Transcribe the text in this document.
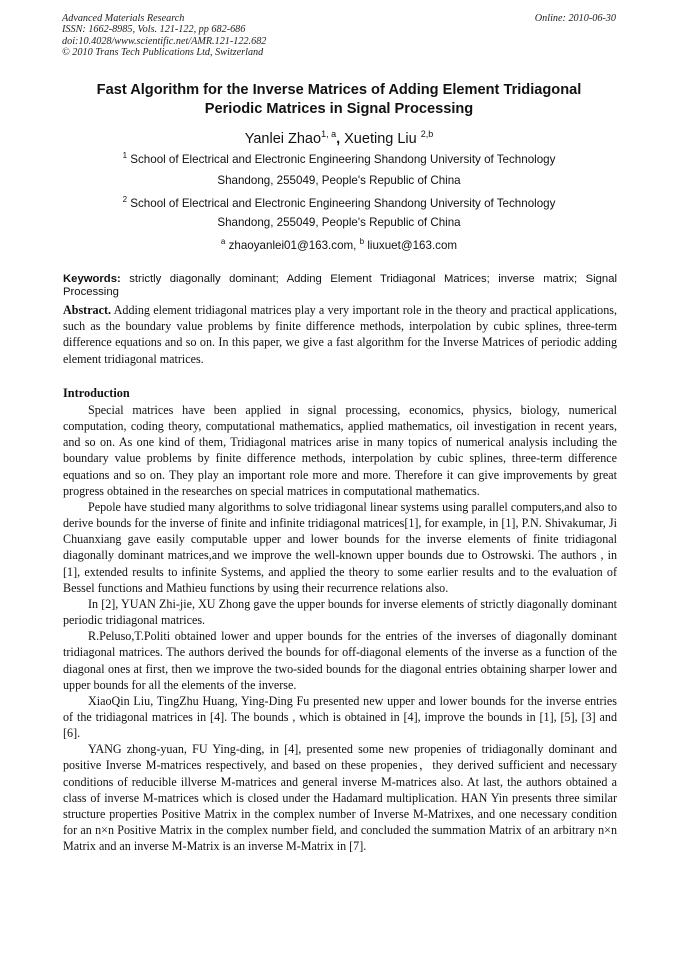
Advanced Materials Research
ISSN: 1662-8985, Vols. 121-122, pp 682-686
doi:10.4028/www.scientific.net/AMR.121-122.682
© 2010 Trans Tech Publications Ltd, Switzerland
Online: 2010-06-30
Fast Algorithm for the Inverse Matrices of Adding Element Tridiagonal
Periodic Matrices in Signal Processing
Yanlei Zhao$^{1, a}$, Xueting Liu $^{2,b}$
$^1$ School of Electrical and Electronic Engineering Shandong University of Technology
Shandong, 255049, People's Republic of China
$^2$ School of Electrical and Electronic Engineering Shandong University of Technology
Shandong, 255049, People's Republic of China
$^a$ zhaoyanlei01@163.com, $^b$ liuxuet@163.com
Keywords: strictly diagonally dominant; Adding Element Tridiagonal Matrices; inverse matrix; Signal Processing
Abstract. Adding element tridiagonal matrices play a very important role in the theory and practical applications, such as the boundary value problems by finite difference methods, interpolation by cubic splines, three-term difference equations and so on. In this paper, we give a fast algorithm for the Inverse Matrices of periodic adding element tridiagonal matrices.
Introduction

Special matrices have been applied in signal processing, economics, physics, biology, numerical computation, coding theory, computational mathematics, applied mathematics, oil investigation in recent years, and so on. As one kind of them, Tridiagonal matrices arise in many topics of numerical analysis including the boundary value problems by finite difference methods, interpolation by cubic splines, three-term difference equations and so on. They play an important role more and more. Therefore it can give improvements by great progress obtained in the researches on special matrices in computational mathematics.

Pepole have studied many algorithms to solve tridiagonal linear systems using parallel computers,and also to derive bounds for the inverse of finite and infinite tridiagonal matrices[1], for example, in [1], P.N. Shivakumar, Ji Chuanxiang gave easily computable upper and lower bounds for the inverse elements of finite tridiagonal diagonally dominant matrices,and we improve the well-known upper bounds due to Ostrowski. The authors , in [1], extended results to infinite Systems, and applied the theory to some earlier results and to the evaluation of Bessel functions and Mathieu functions by using their recurrence relations also.

In [2], YUAN Zhi-jie, XU Zhong gave the upper bounds for inverse elements of strictly diagonally dominant periodic tridiagonal matrices.

R.Peluso,T.Politi obtained lower and upper bounds for the entries of the inverses of diagonally dominant tridiagonal matrices. The authors derived the bounds for off-diagonal elements of the inverse as a function of the diagonal ones at first, then we improve the two-sided bounds for the diagonal entries obtaining sharper lower and upper bounds for all the elements of the inverse.

XiaoQin Liu, TingZhu Huang, Ying-Ding Fu presented new upper and lower bounds for the inverse entries of the tridiagonal matrices in [4]. The bounds , which is obtained in [4], improve the bounds in [1], [5], [3] and [6].

YANG zhong-yuan, FU Ying-ding, in [4], presented some new propenies of tridiagonally dominant and positive Inverse M-matrices respectively, and based on these propenies，they derived sufficient and necessary conditions of reducible illverse M-matrices and general inverse M-matrices also. At last, the authors obtained a class of inverse M-matrices which is closed under the Hadamard multiplication. HAN Yin presents three similar structure properties Positive Matrix in the complex number of Inverse M-Matrixes, and one necessary condition for an n×n Positive Matrix in the complex number field, and concluded the summation Matrix of an arbitrary n×n Matrix and an inverse M-Matrix is an inverse M-Matrix in [7].
